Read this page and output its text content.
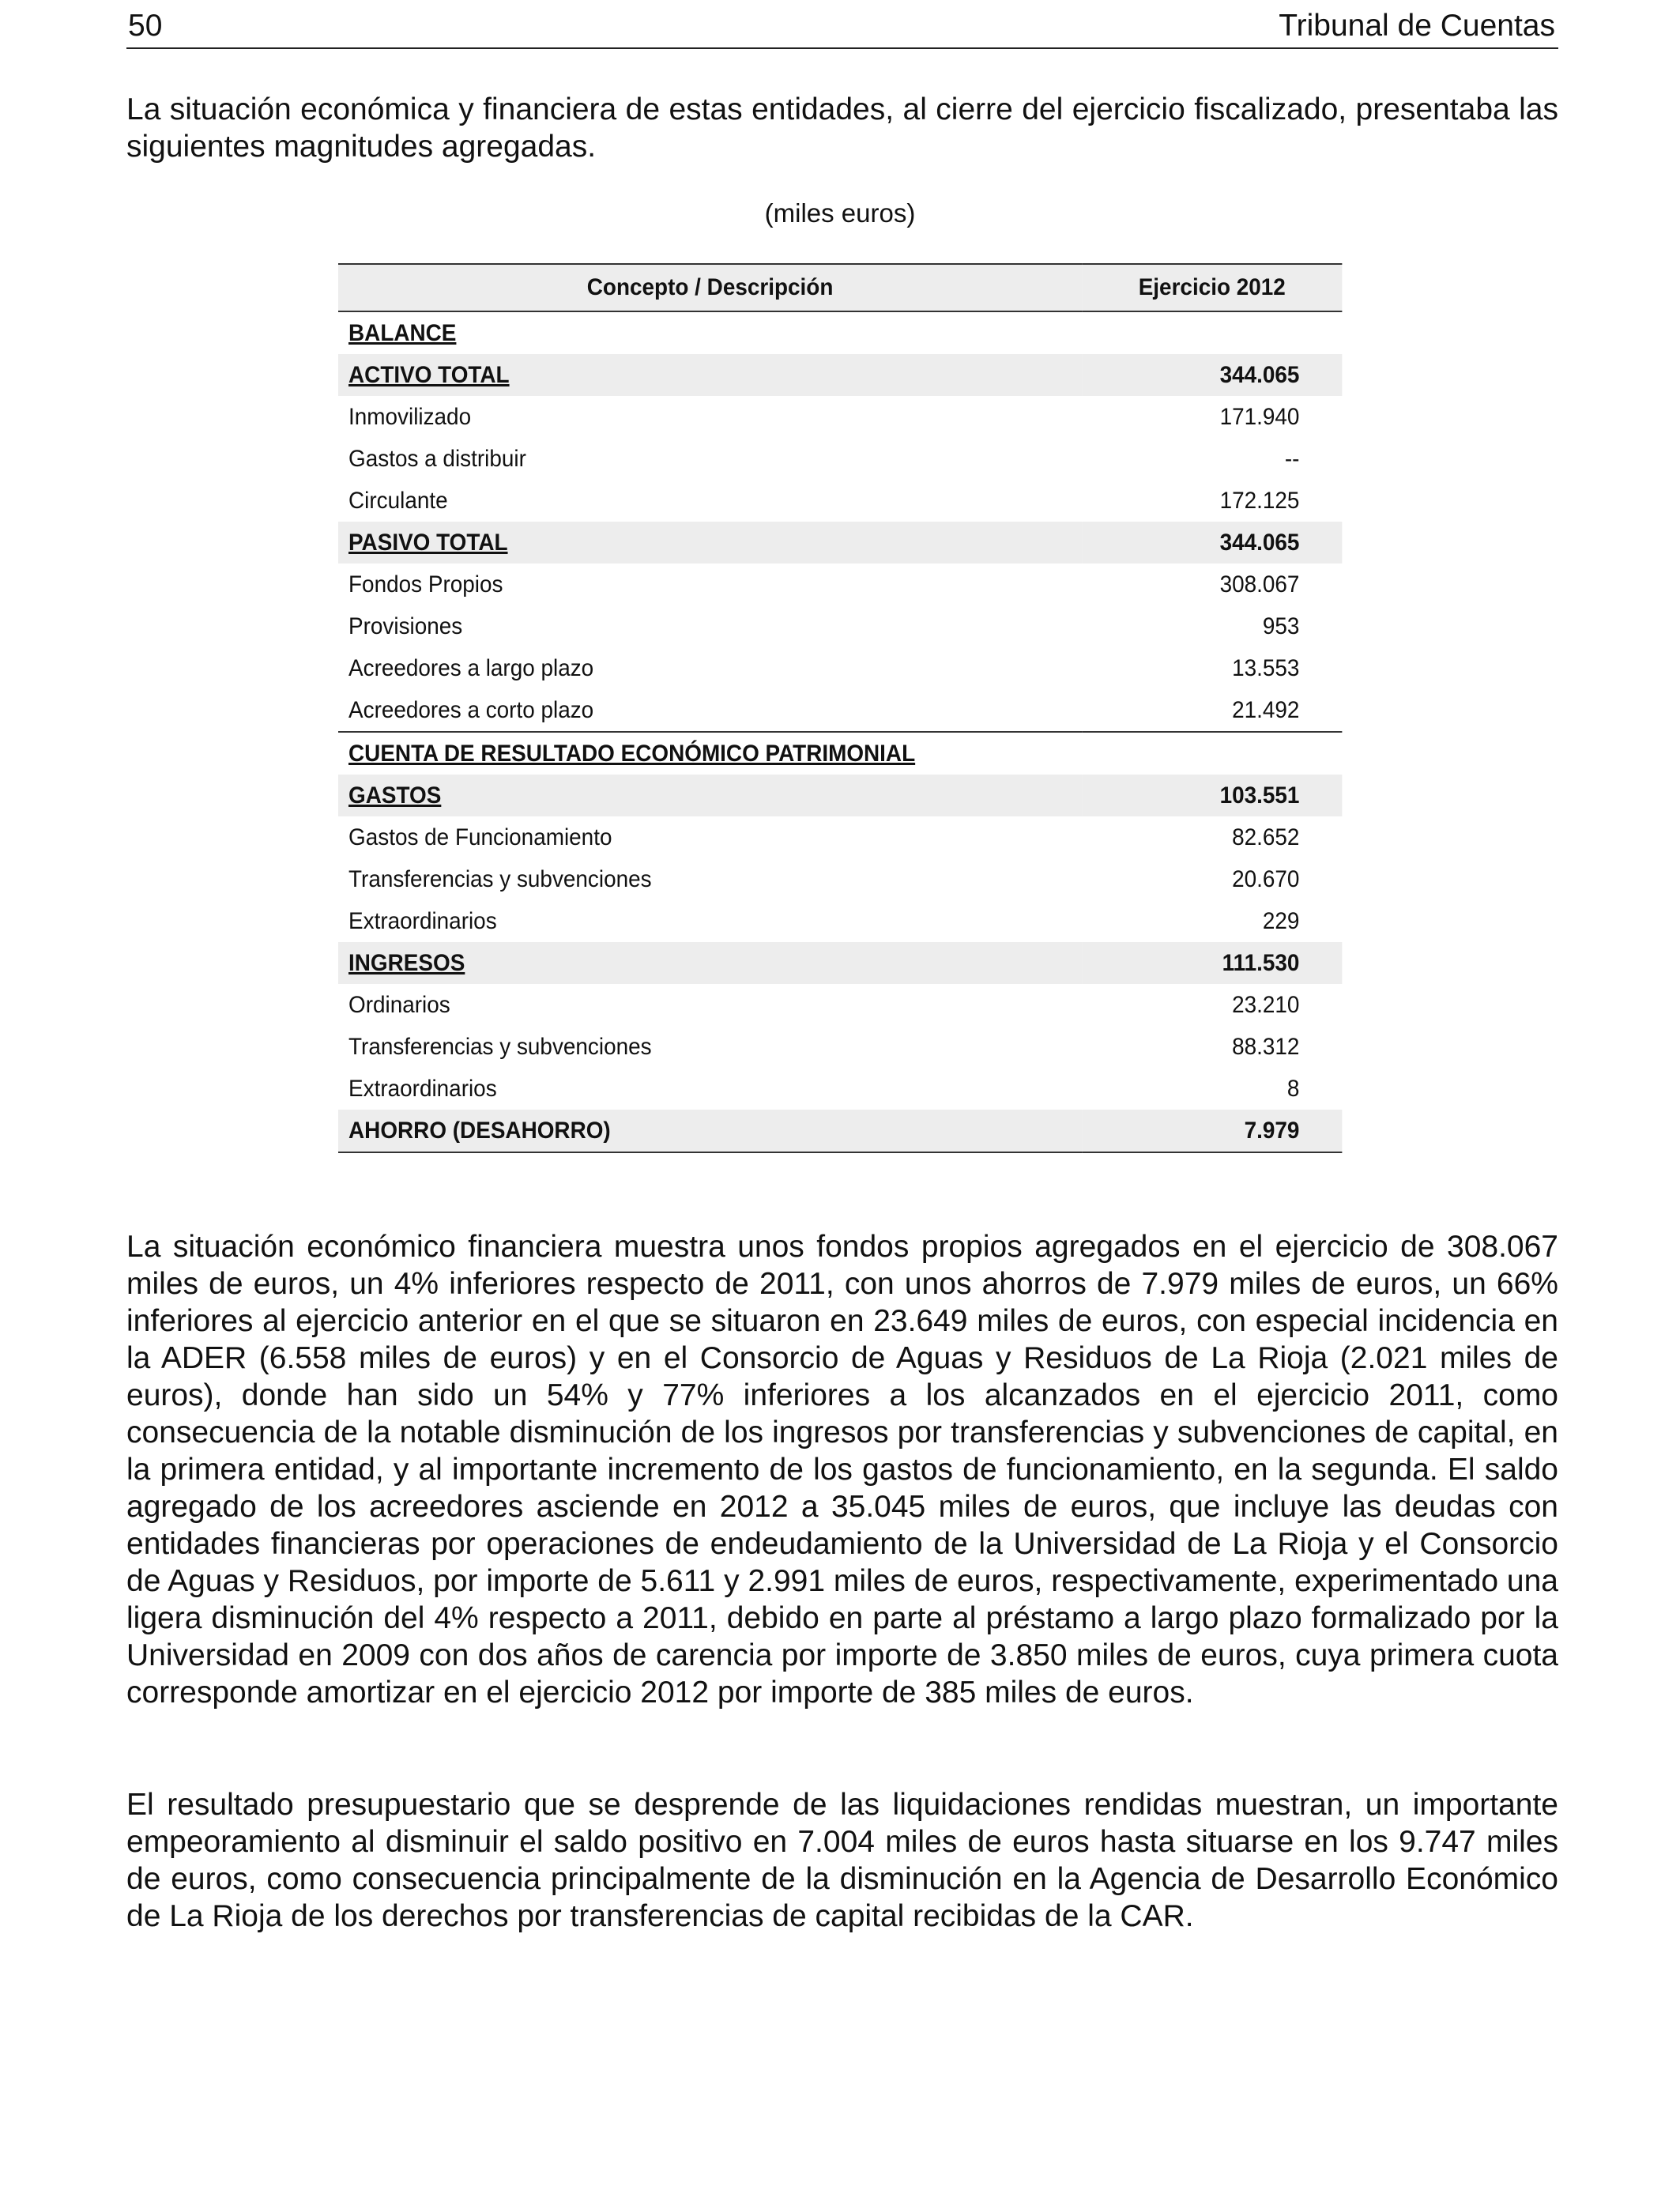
50	Tribunal de Cuentas

La situación económica y financiera de estas entidades, al cierre del ejercicio fiscalizado, presentaba las siguientes magnitudes agregadas.

(miles euros)
Concepto / Descripción	Ejercicio 2012
BALANCE	
ACTIVO TOTAL	344.065
Inmovilizado	171.940
Gastos a distribuir	--
Circulante	172.125
PASIVO TOTAL	344.065
Fondos Propios	308.067
Provisiones	953
Acreedores a largo plazo	13.553
Acreedores a corto plazo	21.492
CUENTA DE RESULTADO ECONÓMICO PATRIMONIAL	
GASTOS	103.551
Gastos de Funcionamiento	82.652
Transferencias y subvenciones	20.670
Extraordinarios	229
INGRESOS	111.530
Ordinarios	23.210
Transferencias y subvenciones	88.312
Extraordinarios	8
AHORRO (DESAHORRO)	7.979

La situación económico financiera muestra unos fondos propios agregados en el ejercicio de 308.067 miles de euros, un 4% inferiores respecto de 2011, con unos ahorros de 7.979 miles de euros, un 66% inferiores al ejercicio anterior en el que se situaron en 23.649 miles de euros, con especial incidencia en la ADER (6.558 miles de euros) y en el Consorcio de Aguas y Residuos de La Rioja (2.021 miles de euros), donde han sido un 54% y 77% inferiores a los alcanzados en el ejercicio 2011, como consecuencia de la notable disminución de los ingresos por transferencias y subvenciones de capital, en la primera entidad, y al importante incremento de los gastos de funcionamiento, en la segunda. El saldo agregado de los acreedores asciende en 2012 a 35.045 miles de euros, que incluye las deudas con entidades financieras por operaciones de endeudamiento de la Universidad de La Rioja y el Consorcio de Aguas y Residuos, por importe de 5.611 y 2.991 miles de euros, respectivamente, experimentado una ligera disminución del 4% respecto a 2011, debido en parte al préstamo a largo plazo formalizado por la Universidad en 2009 con dos años de carencia por importe de 3.850 miles de euros, cuya primera cuota corresponde amortizar en el ejercicio 2012 por importe de 385 miles de euros.

El resultado presupuestario que se desprende de las liquidaciones rendidas muestran, un importante empeoramiento al disminuir el saldo positivo en 7.004 miles de euros hasta situarse en los 9.747 miles de euros, como consecuencia principalmente de la disminución en la Agencia de Desarrollo Económico de La Rioja de los derechos por transferencias de capital recibidas de la CAR.
